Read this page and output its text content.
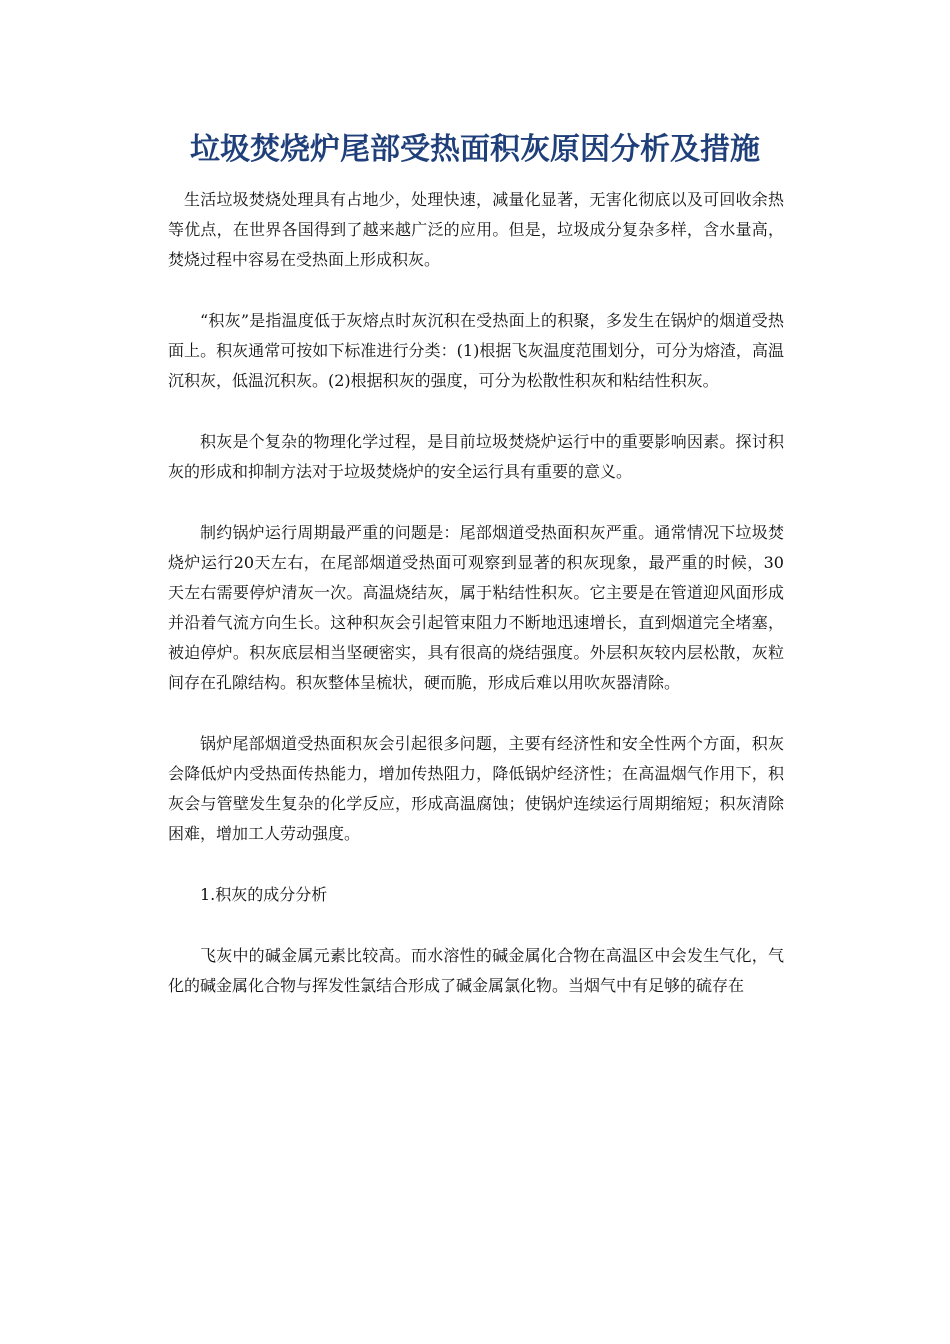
垃圾焚烧炉尾部受热面积灰原因分析及措施

生活垃圾焚烧处理具有占地少，处理快速，减量化显著，无害化彻底以及可回收余热等优点，在世界各国得到了越来越广泛的应用。但是，垃圾成分复杂多样，含水量高，焚烧过程中容易在受热面上形成积灰。

“积灰”是指温度低于灰熔点时灰沉积在受热面上的积聚，多发生在锅炉的烟道受热面上。积灰通常可按如下标准进行分类：(1)根据飞灰温度范围划分，可分为熔渣，高温沉积灰，低温沉积灰。(2)根据积灰的强度，可分为松散性积灰和粘结性积灰。

积灰是个复杂的物理化学过程，是目前垃圾焚烧炉运行中的重要影响因素。探讨积灰的形成和抑制方法对于垃圾焚烧炉的安全运行具有重要的意义。

制约锅炉运行周期最严重的问题是：尾部烟道受热面积灰严重。通常情况下垃圾焚烧炉运行20天左右，在尾部烟道受热面可观察到显著的积灰现象，最严重的时候，30天左右需要停炉清灰一次。高温烧结灰，属于粘结性积灰。它主要是在管道迎风面形成并沿着气流方向生长。这种积灰会引起管束阻力不断地迅速增长，直到烟道完全堵塞，被迫停炉。积灰底层相当坚硬密实，具有很高的烧结强度。外层积灰较内层松散，灰粒间存在孔隙结构。积灰整体呈梳状，硬而脆，形成后难以用吹灰器清除。

锅炉尾部烟道受热面积灰会引起很多问题，主要有经济性和安全性两个方面，积灰会降低炉内受热面传热能力，增加传热阻力，降低锅炉经济性；在高温烟气作用下，积灰会与管壁发生复杂的化学反应，形成高温腐蚀；使锅炉连续运行周期缩短；积灰清除困难，增加工人劳动强度。

1.积灰的成分分析

飞灰中的碱金属元素比较高。而水溶性的碱金属化合物在高温区中会发生气化，气化的碱金属化合物与挥发性氯结合形成了碱金属氯化物。当烟气中有足够的硫存在
